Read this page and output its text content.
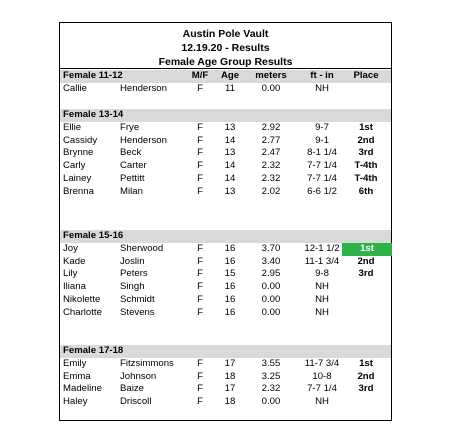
Austin Pole Vault
12.19.20 - Results
Female Age Group Results
Female 11-12	M/F Age meters	ft - in	Place
Callie	Henderson	F	11	0.00	NH
Female 13-14
Ellie	Frye	F	13	2.92	9-7	1st
Cassidy Henderson	F	14	2.77	9-1	2nd
Brynne	Beck	F	13	2.47	8-1 1/4	3rd
Carly	Carter	F	14	2.32	7-7 1/4	T-4th
Lainey	Pettitt	F	14	2.32	7-7 1/4	T-4th
Brenna	Milan	F	13	2.02	6-6 1/2	6th
Female 15-16
Joy	Sherwood	F	16	3.70	12-1 1/2	1st
Kade	Joslin	F	16	3.40	11-1 3/4	2nd
Lily	Peters	F	15	2.95	9-8	3rd
Iliana	Singh	F	16	0.00	NH
Nikolette Schmidt	F	16	0.00	NH
Charlotte Stevens	F	16	0.00	NH
Female 17-18
Emily	Fitzsimmons	F	17	3.55	11-7 3/4	1st
Emma	Johnson	F	18	3.25	10-8	2nd
Madeline Baize	F	17	2.32	7-7 1/4	3rd
Haley	Driscoll	F	18	0.00	NH
